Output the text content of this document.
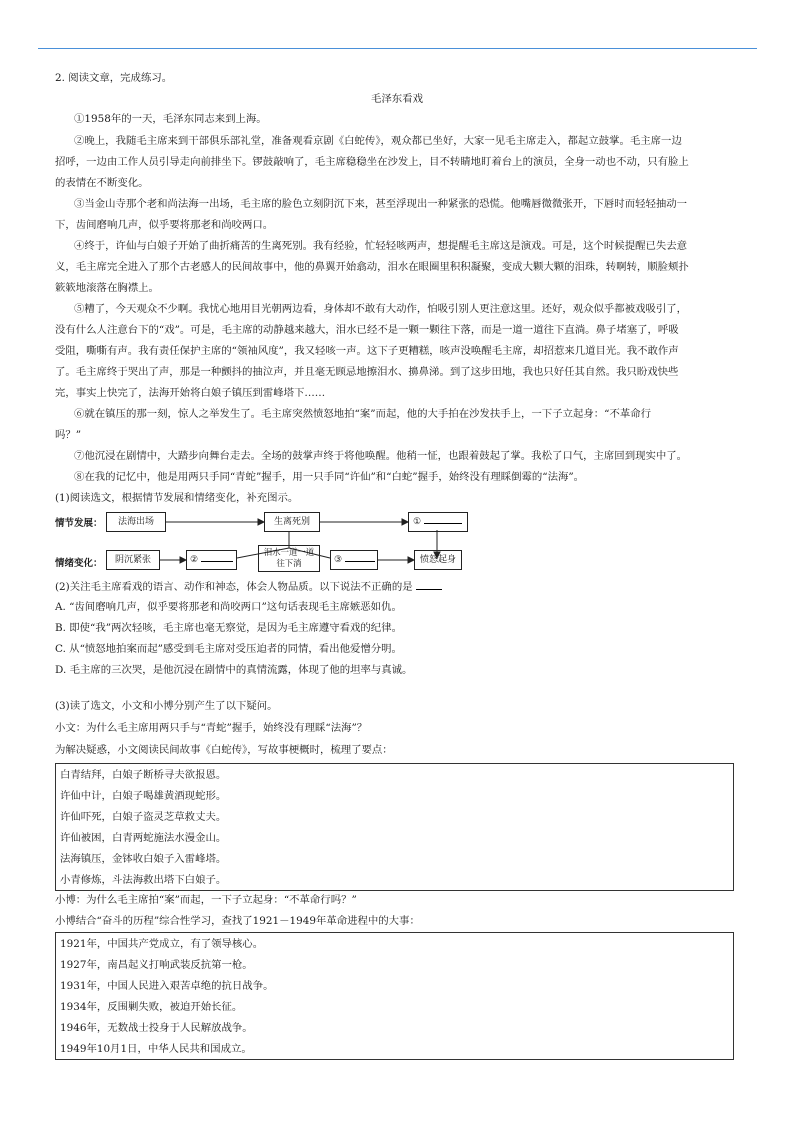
2. 阅读文章，完成练习。
毛泽东看戏
①1958年的一天，毛泽东同志来到上海。
②晚上，我随毛主席来到干部俱乐部礼堂，准备观看京剧《白蛇传》，观众都已坐好，大家一见毛主席走入，都起立鼓掌。毛主席一边
招呼，一边由工作人员引导走向前排坐下。锣鼓敲响了，毛主席稳稳坐在沙发上，目不转睛地盯着台上的演员，全身一动也不动，只有脸上
的表情在不断变化。
③当金山寺那个老和尚法海一出场，毛主席的脸色立刻阴沉下来，甚至浮现出一种紧张的恐慌。他嘴唇微微张开，下唇时而轻轻抽动一
下，齿间磨响几声，似乎要将那老和尚咬两口。
④终于，许仙与白娘子开始了曲折痛苦的生离死别。我有经验，忙轻轻咳两声，想提醒毛主席这是演戏。可是，这个时候提醒已失去意
义，毛主席完全进入了那个古老感人的民间故事中，他的鼻翼开始翕动，泪水在眼圈里积积凝聚，变成大颗大颗的泪珠，转啊转，顺脸颊扑
簌簌地滚落在胸襟上。
⑤糟了，今天观众不少啊。我忧心地用目光朝两边看，身体却不敢有大动作，怕吸引别人更注意这里。还好，观众似乎都被戏吸引了，
没有什么人注意台下的“戏”。可是，毛主席的动静越来越大，泪水已经不是一颗一颗往下落，而是一道一道往下直淌。鼻子堵塞了，呼吸
受阻，嘶嘶有声。我有责任保护主席的“领袖风度”，我又轻咳一声。这下子更糟糕，咳声没唤醒毛主席，却招惹来几道目光。我不敢作声
了。毛主席终于哭出了声，那是一种颤抖的抽泣声，并且毫无顾忌地擦泪水、擤鼻涕。到了这步田地，我也只好任其自然。我只盼戏快些
完，事实上快完了，法海开始将白娘子镇压到雷峰塔下……
⑥就在镇压的那一刻，惊人之举发生了。毛主席突然愤怒地拍“案”而起，他的大手拍在沙发扶手上，一下子立起身：“不革命行
吗？”
⑦他沉浸在剧情中，大踏步向舞台走去。全场的鼓掌声终于将他唤醒。他稍一怔，也跟着鼓起了掌。我松了口气，主席回到现实中了。
⑧在我的记忆中，他是用两只手同“青蛇”握手，用一只手同“许仙”和“白蛇”握手，始终没有理睬倒霉的“法海”。
(1)阅读选文，根据情节发展和情绪变化，补充图示。
情节发展：
情绪变化：
法海出场	生离死别	①
阴沉紧张	②
泪水一道一道往下淌	③	愤怒起身
(2)关注毛主席看戏的语言、动作和神态，体会人物品质。以下说法不正确的是
A. “齿间磨响几声，似乎要将那老和尚咬两口”这句话表现毛主席嫉恶如仇。
B. 即使“我”两次轻咳，毛主席也毫无察觉，是因为毛主席遵守看戏的纪律。
C. 从“愤怒地拍案而起”感受到毛主席对受压迫者的同情，看出他爱憎分明。
D. 毛主席的三次哭，是他沉浸在剧情中的真情流露，体现了他的坦率与真诚。
(3)读了选文，小文和小博分别产生了以下疑问。
小文：为什么毛主席用两只手与“青蛇”握手，始终没有理睬“法海”？
为解决疑惑，小文阅读民间故事《白蛇传》，写故事梗概时，梳理了要点：
白青结拜，白娘子断桥寻夫欲报恩。
许仙中计，白娘子喝雄黄酒现蛇形。
许仙吓死，白娘子盗灵芝草救丈夫。
许仙被困，白青两蛇施法水漫金山。
法海镇压，金钵收白娘子入雷峰塔。
小青修炼，斗法海救出塔下白娘子。
小博：为什么毛主席拍“案”而起，一下子立起身：“不革命行吗？”
小博结合“奋斗的历程”综合性学习，查找了1921－1949年革命进程中的大事：
1921年，中国共产党成立，有了领导核心。
1927年，南昌起义打响武装反抗第一枪。
1931年，中国人民进入艰苦卓绝的抗日战争。
1934年，反围剿失败，被迫开始长征。
1946年，无数战士投身于人民解放战争。
1949年10月1日，中华人民共和国成立。
